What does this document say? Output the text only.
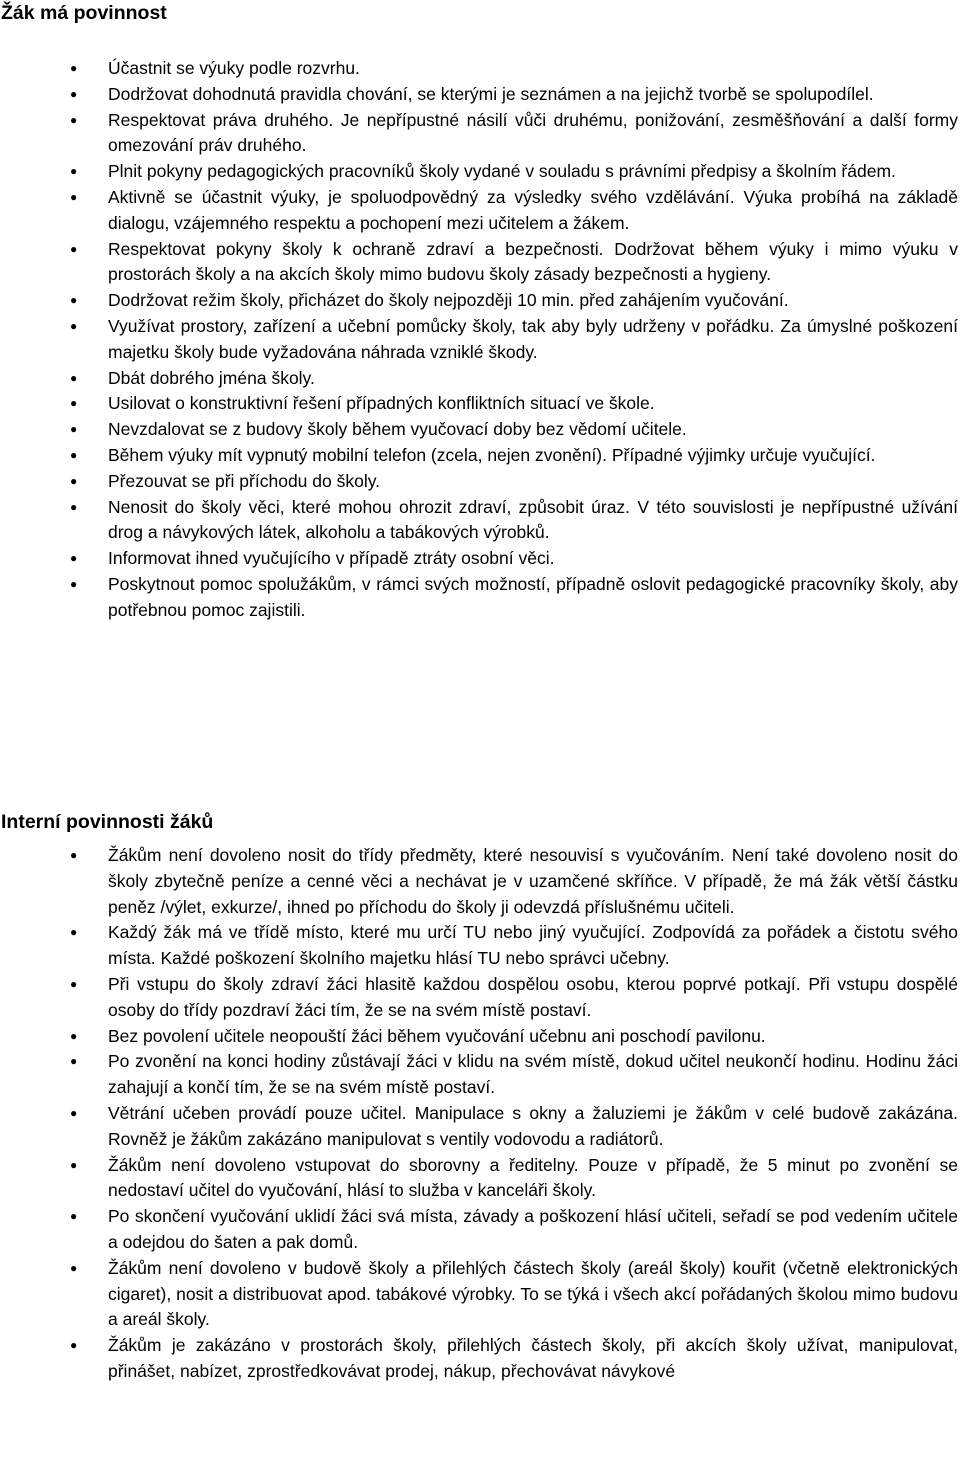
Žák má povinnost
● Účastnit se výuky podle rozvrhu.
● Dodržovat dohodnutá pravidla chování, se kterými je seznámen a na jejichž tvorbě se spolupodílel.
● Respektovat práva druhého. Je nepřípustné násilí vůči druhému, ponižování, zesměšňování a další formy omezování práv druhého.
● Plnit pokyny pedagogických pracovníků školy vydané v souladu s právními předpisy a školním řádem.
● Aktivně se účastnit výuky, je spoluodpovědný za výsledky svého vzdělávání. Výuka probíhá na základě dialogu, vzájemného respektu a pochopení mezi učitelem a žákem.
● Respektovat pokyny školy k ochraně zdraví a bezpečnosti. Dodržovat během výuky i mimo výuku v prostorách školy a na akcích školy mimo budovu školy zásady bezpečnosti a hygieny.
● Dodržovat režim školy, přicházet do školy nejpozději 10 min. před zahájením vyučování.
● Využívat prostory, zařízení a učební pomůcky školy, tak aby byly udrženy v pořádku. Za úmyslné poškození majetku školy bude vyžadována náhrada vzniklé škody.
● Dbát dobrého jména školy.
● Usilovat o konstruktivní řešení případných konfliktních situací ve škole.
● Nevzdalovat se z budovy školy během vyučovací doby bez vědomí učitele.
● Během výuky mít vypnutý mobilní telefon (zcela, nejen zvonění). Případné výjimky určuje vyučující.
● Přezouvat se při příchodu do školy.
● Nenosit do školy věci, které mohou ohrozit zdraví, způsobit úraz. V této souvislosti je nepřípustné užívání drog a návykových látek, alkoholu a tabákových výrobků.
● Informovat ihned vyučujícího v případě ztráty osobní věci.
● Poskytnout pomoc spolužákům, v rámci svých možností, případně oslovit pedagogické pracovníky školy, aby potřebnou pomoc zajistili.
Interní povinnosti žáků
● Žákům není dovoleno nosit do třídy předměty, které nesouvisí s vyučováním. Není také dovoleno nosit do školy zbytečně peníze a cenné věci a nechávat je v uzamčené skříňce. V případě, že má žák větší částku peněz /výlet, exkurze/, ihned po příchodu do školy ji odevzdá příslušnému učiteli.
● Každý žák má ve třídě místo, které mu určí TU nebo jiný vyučující. Zodpovídá za pořádek a čistotu svého místa. Každé poškození školního majetku hlásí TU nebo správci učebny.
● Při vstupu do školy zdraví žáci hlasitě každou dospělou osobu, kterou poprvé potkají. Při vstupu dospělé osoby do třídy pozdraví žáci tím, že se na svém místě postaví.
● Bez povolení učitele neopouští žáci během vyučování učebnu ani poschodí pavilonu.
● Po zvonění na konci hodiny zůstávají žáci v klidu na svém místě, dokud učitel neukončí hodinu. Hodinu žáci zahajují a končí tím, že se na svém místě postaví.
● Větrání učeben provádí pouze učitel. Manipulace s okny a žaluziemi je žákům v celé budově zakázána. Rovněž je žákům zakázáno manipulovat s ventily vodovodu a radiátorů.
● Žákům není dovoleno vstupovat do sborovny a ředitelny. Pouze v případě, že 5 minut po zvonění se nedostaví učitel do vyučování, hlásí to služba v kanceláři školy.
● Po skončení vyučování uklidí žáci svá místa, závady a poškození hlásí učiteli, seřadí se pod vedením učitele a odejdou do šaten a pak domů.
● Žákům není dovoleno v budově školy a přilehlých částech školy (areál školy) kouřit (včetně elektronických cigaret), nosit a distribuovat apod. tabákové výrobky. To se týká i všech akcí pořádaných školou mimo budovu a areál školy.
● Žákům je zakázáno v prostorách školy, přilehlých částech školy, při akcích školy užívat, manipulovat, přinášet, nabízet, zprostředkovávat prodej, nákup, přechovávat návykové
